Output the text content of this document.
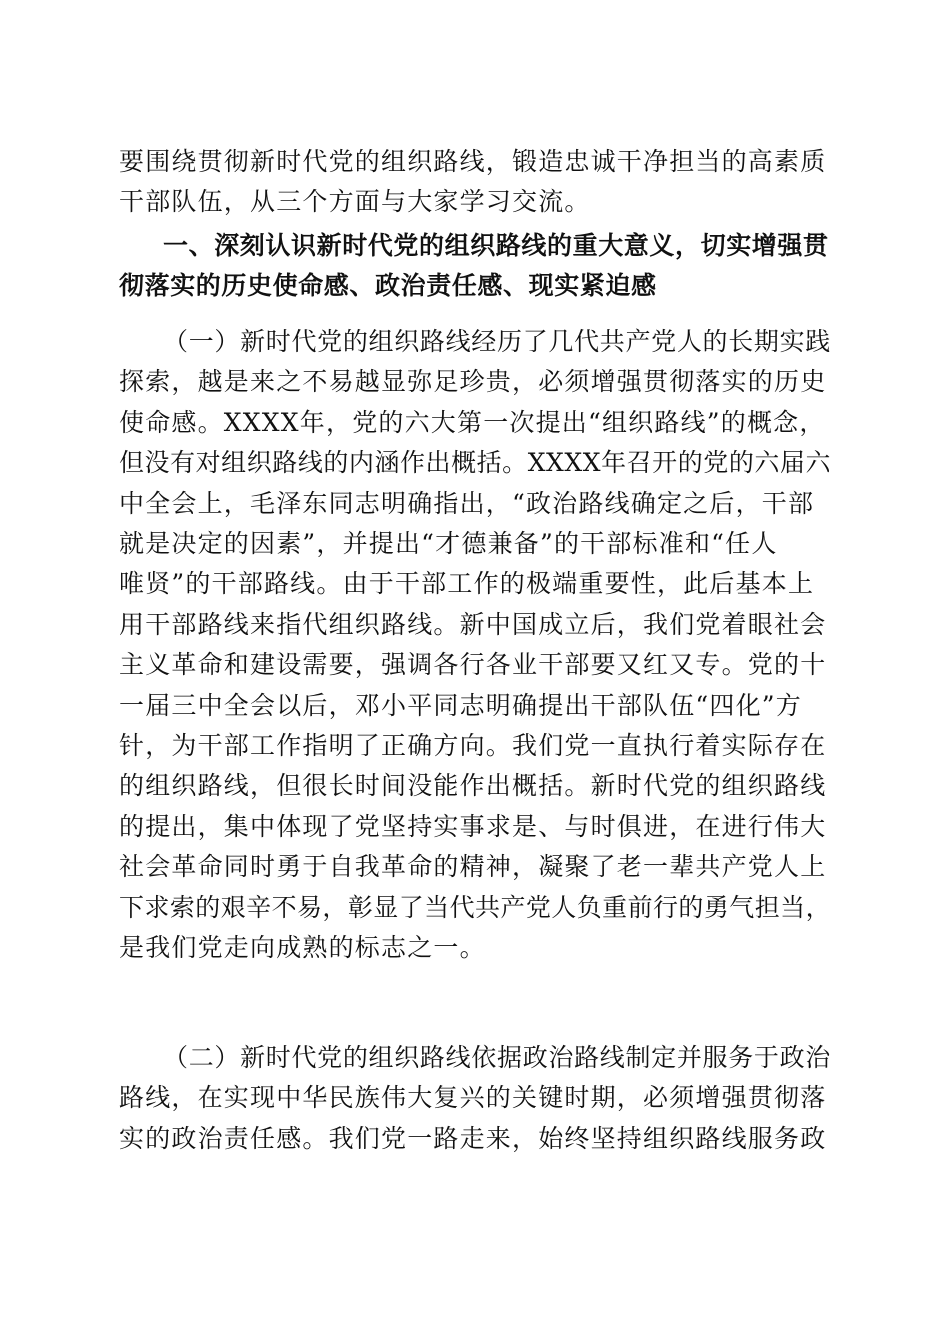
要围绕贯彻新时代党的组织路线，锻造忠诚干净担当的高素质
干部队伍，从三个方面与大家学习交流。
一、深刻认识新时代党的组织路线的重大意义，切实增强贯
彻落实的历史使命感、政治责任感、现实紧迫感
（一）新时代党的组织路线经历了几代共产党人的长期实践
探索，越是来之不易越显弥足珍贵，必须增强贯彻落实的历史
使命感。XXXX年，党的六大第一次提出“组织路线”的概念，
但没有对组织路线的内涵作出概括。XXXX年召开的党的六届六
中全会上，毛泽东同志明确指出，“政治路线确定之后，干部
就是决定的因素”，并提出“才德兼备”的干部标准和“任人
唯贤”的干部路线。由于干部工作的极端重要性，此后基本上
用干部路线来指代组织路线。新中国成立后，我们党着眼社会
主义革命和建设需要，强调各行各业干部要又红又专。党的十
一届三中全会以后，邓小平同志明确提出干部队伍“四化”方
针，为干部工作指明了正确方向。我们党一直执行着实际存在
的组织路线，但很长时间没能作出概括。新时代党的组织路线
的提出，集中体现了党坚持实事求是、与时俱进，在进行伟大
社会革命同时勇于自我革命的精神，凝聚了老一辈共产党人上
下求索的艰辛不易，彰显了当代共产党人负重前行的勇气担当，
是我们党走向成熟的标志之一。
（二）新时代党的组织路线依据政治路线制定并服务于政治
路线，在实现中华民族伟大复兴的关键时期，必须增强贯彻落
实的政治责任感。我们党一路走来，始终坚持组织路线服务政
